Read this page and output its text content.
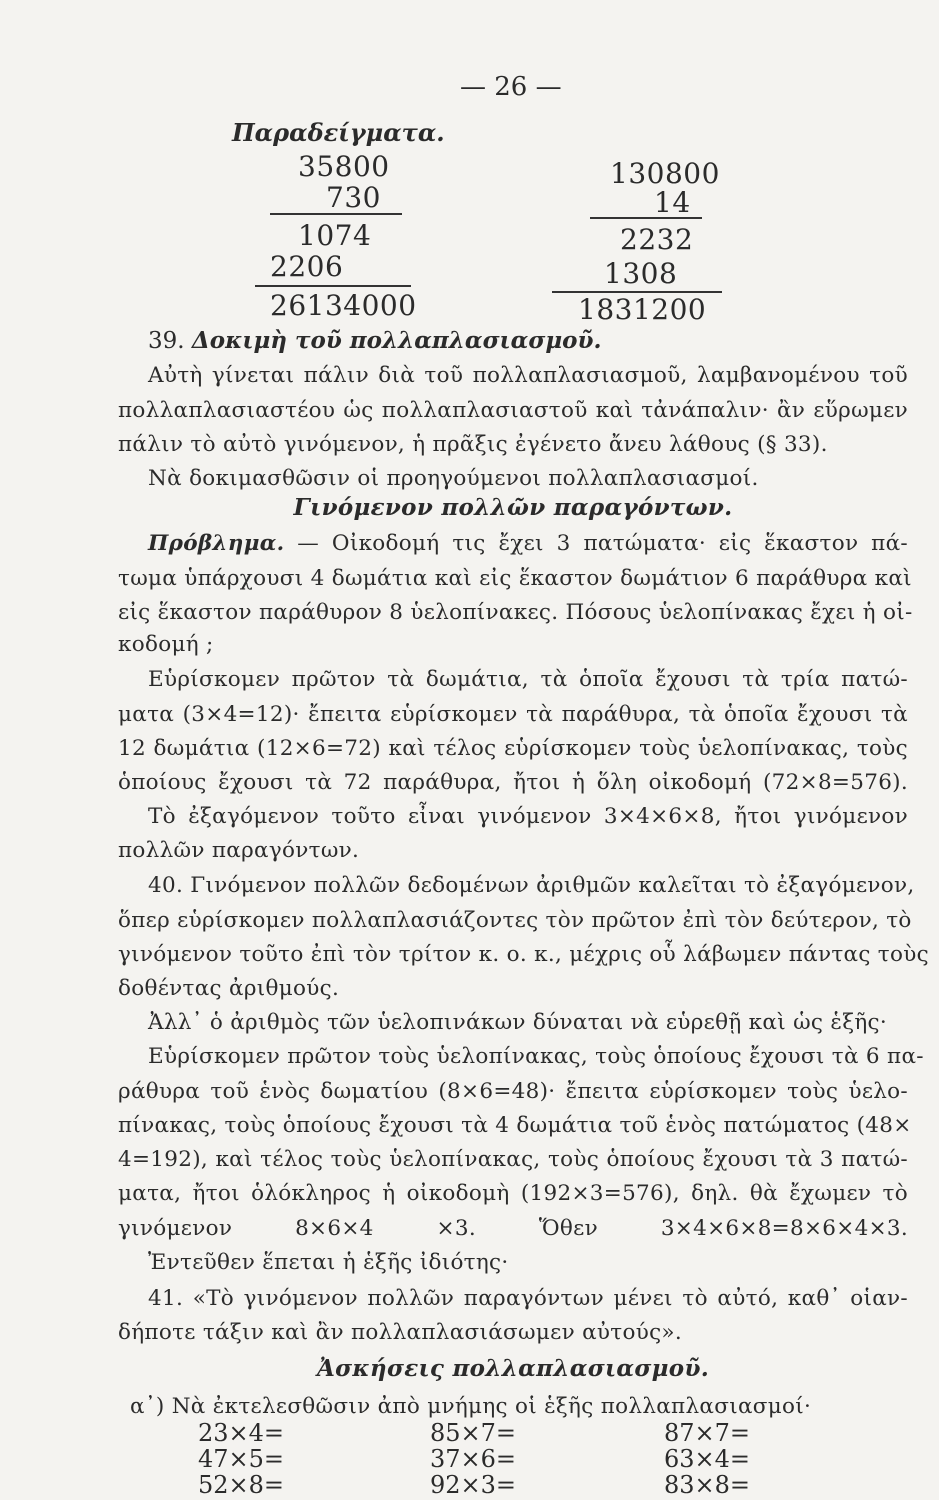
— 26 —
Παραδείγματα.
35800
730
1074
2206
26134000
130800
14
2232
1308
1831200
39. Δοκιμὴ τοῦ πολλαπλασιασμοῦ.
Αὐτὴ γίνεται πάλιν διὰ τοῦ πολλαπλασιασμοῦ, λαμβανομένου τοῦ
πολλαπλασιαστέου ὡς πολλαπλασιαστοῦ καὶ τἀνάπαλιν· ἂν εὕρωμεν
πάλιν τὸ αὐτὸ γινόμενον, ἡ πρᾶξις ἐγένετο ἄνευ λάθους (§ 33).
Νὰ δοκιμασθῶσιν οἱ προηγούμενοι πολλαπλασιασμοί.
Γινόμενον πολλῶν παραγόντων.
Πρόβλημα. — Οἰκοδομή τις ἔχει 3 πατώματα· εἰς ἕκαστον πά-
τωμα ὑπάρχουσι 4 δωμάτια καὶ εἰς ἕκαστον δωμάτιον 6 παράθυρα καὶ
εἰς ἕκαστον παράθυρον 8 ὑελοπίνακες. Πόσους ὑελοπίνακας ἔχει ἡ οἰ-
κοδομή ;
Εὑρίσκομεν πρῶτον τὰ δωμάτια, τὰ ὁποῖα ἔχουσι τὰ τρία πατώ-
ματα (3×4=12)· ἔπειτα εὑρίσκομεν τὰ παράθυρα, τὰ ὁποῖα ἔχουσι τὰ
12 δωμάτια (12×6=72) καὶ τέλος εὑρίσκομεν τοὺς ὑελοπίνακας, τοὺς
ὁποίους ἔχουσι τὰ 72 παράθυρα, ἤτοι ἡ ὅλη οἰκοδομή (72×8=576).
Τὸ ἐξαγόμενον τοῦτο εἶναι γινόμενον 3×4×6×8, ἤτοι γινόμενον
πολλῶν παραγόντων.
40. Γινόμενον πολλῶν δεδομένων ἀριθμῶν καλεῖται τὸ ἐξαγόμενον,
ὅπερ εὑρίσκομεν πολλαπλασιάζοντες τὸν πρῶτον ἐπὶ τὸν δεύτερον, τὸ
γινόμενον τοῦτο ἐπὶ τὸν τρίτον κ. ο. κ., μέχρις οὗ λάβωμεν πάντας τοὺς
δοθέντας ἀριθμούς.
Ἀλλ᾽ ὁ ἀριθμὸς τῶν ὑελοπινάκων δύναται νὰ εὑρεθῇ καὶ ὡς ἑξῆς·
Εὑρίσκομεν πρῶτον τοὺς ὑελοπίνακας, τοὺς ὁποίους ἔχουσι τὰ 6 πα-
ράθυρα τοῦ ἑνὸς δωματίου (8×6=48)· ἔπειτα εὑρίσκομεν τοὺς ὑελο-
πίνακας, τοὺς ὁποίους ἔχουσι τὰ 4 δωμάτια τοῦ ἑνὸς πατώματος (48×
4=192), καὶ τέλος τοὺς ὑελοπίνακας, τοὺς ὁποίους ἔχουσι τὰ 3 πατώ-
ματα, ἤτοι ὁλόκληρος ἡ οἰκοδομὴ (192×3=576), δηλ. θὰ ἔχωμεν τὸ
γινόμενον 8×6×4 ×3. Ὅθεν 3×4×6×8=8×6×4×3.
Ἐντεῦθεν ἕπεται ἡ ἑξῆς ἰδιότης·
41. «Τὸ γινόμενον πολλῶν παραγόντων μένει τὸ αὐτό, καθ᾽ οἱαν-
δήποτε τάξιν καὶ ἂν πολλαπλασιάσωμεν αὐτούς».
Ἀσκήσεις πολλαπλασιασμοῦ.
α᾽) Νὰ ἐκτελεσθῶσιν ἀπὸ μνήμης οἱ ἑξῆς πολλαπλασιασμοί·
23×4=	85×7=	87×7=
47×5=	37×6=	63×4=
52×8=	92×3=	83×8=
